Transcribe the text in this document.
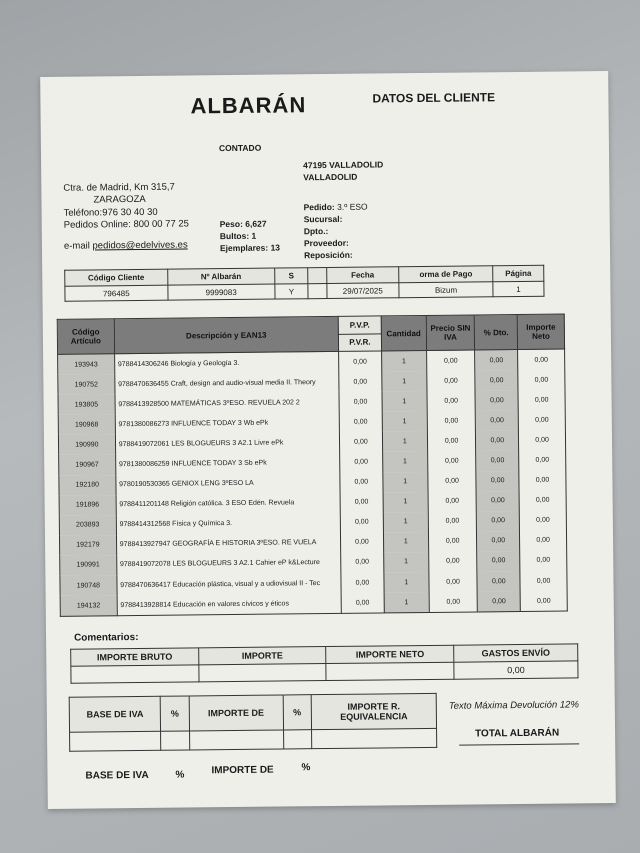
ALBARÁN	DATOS DEL CLIENTE
CONTADO
47195 VALLADOLID
VALLADOLID
Ctra. de Madrid, Km 315,7
ZARAGOZA
Teléfono:976 30 40 30
Pedidos Online: 800 00 77 25
e-mail pedidos@edelvives.es
Peso: 6,627
Bultos: 1
Ejemplares: 13
Pedido: 3.º ESO
Sucursal:
Dpto.:
Proveedor:
Reposición:
Código Cliente	Nº Albarán	S		Fecha	orma de Pago	Página
796485	9999083	Y		29/07/2025	Bizum	1
Código Artículo	Descripción y EAN13	P.V.P.	Cantidad	Precio SIN IVA	% Dto.	Importe Neto
		P.V.R.				
193943	9788414306246 Biología y Geología 3.	0,00	1	0,00	0,00	0,00
190752	9788470636455 Craft, design and audio-visual media II. Theory	0,00	1	0,00	0,00	0,00
193805	9788413928500 MATEMÁTICAS 3ºESO. REVUELA 202 2	0,00	1	0,00	0,00	0,00
190968	9781380086273 INFLUENCE TODAY 3 Wb ePk	0,00	1	0,00	0,00	0,00
190990	9788419072061 LES BLOGUEURS 3 A2.1 Livre ePk	0,00	1	0,00	0,00	0,00
190967	9781380086259 INFLUENCE TODAY 3 Sb ePk	0,00	1	0,00	0,00	0,00
192180	9780190530365 GENIOX LENG 3ºESO LA	0,00	1	0,00	0,00	0,00
191896	9788411201148 Religión católica. 3 ESO Edén. Revuela	0,00	1	0,00	0,00	0,00
203893	9788414312568 Física y Química 3.	0,00	1	0,00	0,00	0,00
192179	9788413927947 GEOGRAFÍA E HISTORIA 3ºESO. RE VUELA	0,00	1	0,00	0,00	0,00
190991	9788419072078 LES BLOGUEURS 3 A2.1 Cahier eP k&Lecture	0,00	1	0,00	0,00	0,00
190748	9788470636417 Educación plástica, visual y a udiovisual II - Tec	0,00	1	0,00	0,00	0,00
194132	9788413928814 Educación en valores cívicos y éticos	0,00	1	0,00	0,00	0,00
Comentarios:
IMPORTE BRUTO	IMPORTE	IMPORTE NETO	GASTOS ENVÍO
			0,00
BASE DE IVA	%	IMPORTE DE	%	IMPORTE R. EQUIVALENCIA

Texto Máxima Devolución 12%
TOTAL ALBARÁN
BASE DE IVA	%	IMPORTE DE	%
